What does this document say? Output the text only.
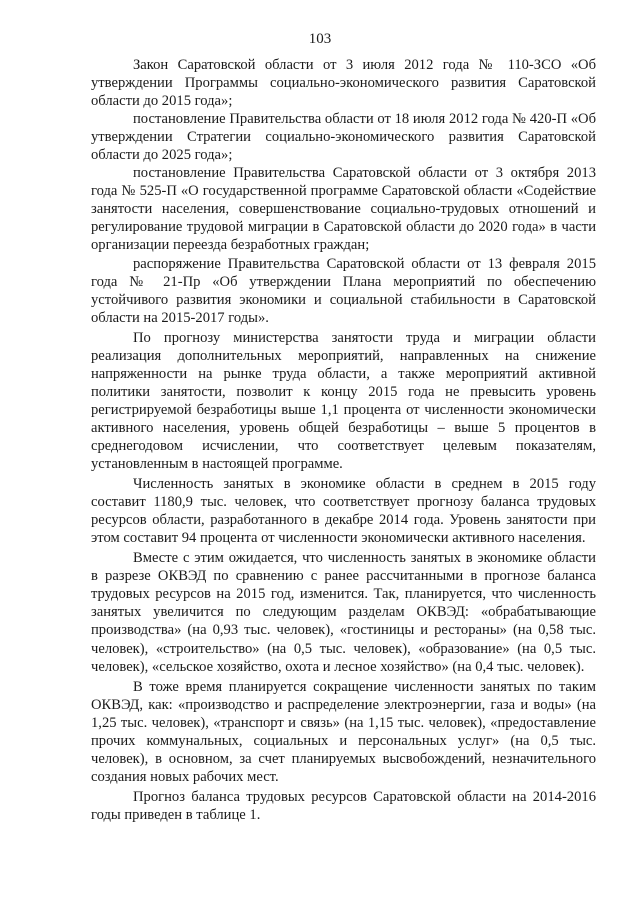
103

Закон Саратовской области от 3 июля 2012 года № 110-ЗСО «Об утверждении Программы социально-экономического развития Саратовской области до 2015 года»;

постановление Правительства области от 18 июля 2012 года № 420-П «Об утверждении Стратегии социально-экономического развития Саратовской области до 2025 года»;

постановление Правительства Саратовской области от 3 октября 2013 года № 525-П «О государственной программе Саратовской области «Содействие занятости населения, совершенствование социально-трудовых отношений и регулирование трудовой миграции в Саратовской области до 2020 года» в части организации переезда безработных граждан;

распоряжение Правительства Саратовской области от 13 февраля 2015 года № 21-Пр «Об утверждении Плана мероприятий по обеспечению устойчивого развития экономики и социальной стабильности в Саратовской области на 2015-2017 годы».

По прогнозу министерства занятости труда и миграции области реализация дополнительных мероприятий, направленных на снижение напряженности на рынке труда области, а также мероприятий активной политики занятости, позволит к концу 2015 года не превысить уровень регистрируемой безработицы выше 1,1 процента от численности экономически активного населения, уровень общей безработицы – выше 5 процентов в среднегодовом исчислении, что соответствует целевым показателям, установленным в настоящей программе.

Численность занятых в экономике области в среднем в 2015 году составит 1180,9 тыс. человек, что соответствует прогнозу баланса трудовых ресурсов области, разработанного в декабре 2014 года. Уровень занятости при этом составит 94 процента от численности экономически активного населения.

Вместе с этим ожидается, что численность занятых в экономике области в разрезе ОКВЭД по сравнению с ранее рассчитанными в прогнозе баланса трудовых ресурсов на 2015 год, изменится. Так, планируется, что численность занятых увеличится по следующим разделам ОКВЭД: «обрабатывающие производства» (на 0,93 тыс. человек), «гостиницы и рестораны» (на 0,58 тыс. человек), «строительство» (на 0,5 тыс. человек), «образование» (на 0,5 тыс. человек), «сельское хозяйство, охота и лесное хозяйство» (на 0,4 тыс. человек).

В тоже время планируется сокращение численности занятых по таким ОКВЭД, как: «производство и распределение электроэнергии, газа и воды» (на 1,25 тыс. человек), «транспорт и связь» (на 1,15 тыс. человек), «предоставление прочих коммунальных, социальных и персональных услуг» (на 0,5 тыс. человек), в основном, за счет планируемых высвобождений, незначительного создания новых рабочих мест.

Прогноз баланса трудовых ресурсов Саратовской области на 2014-2016 годы приведен в таблице 1.
